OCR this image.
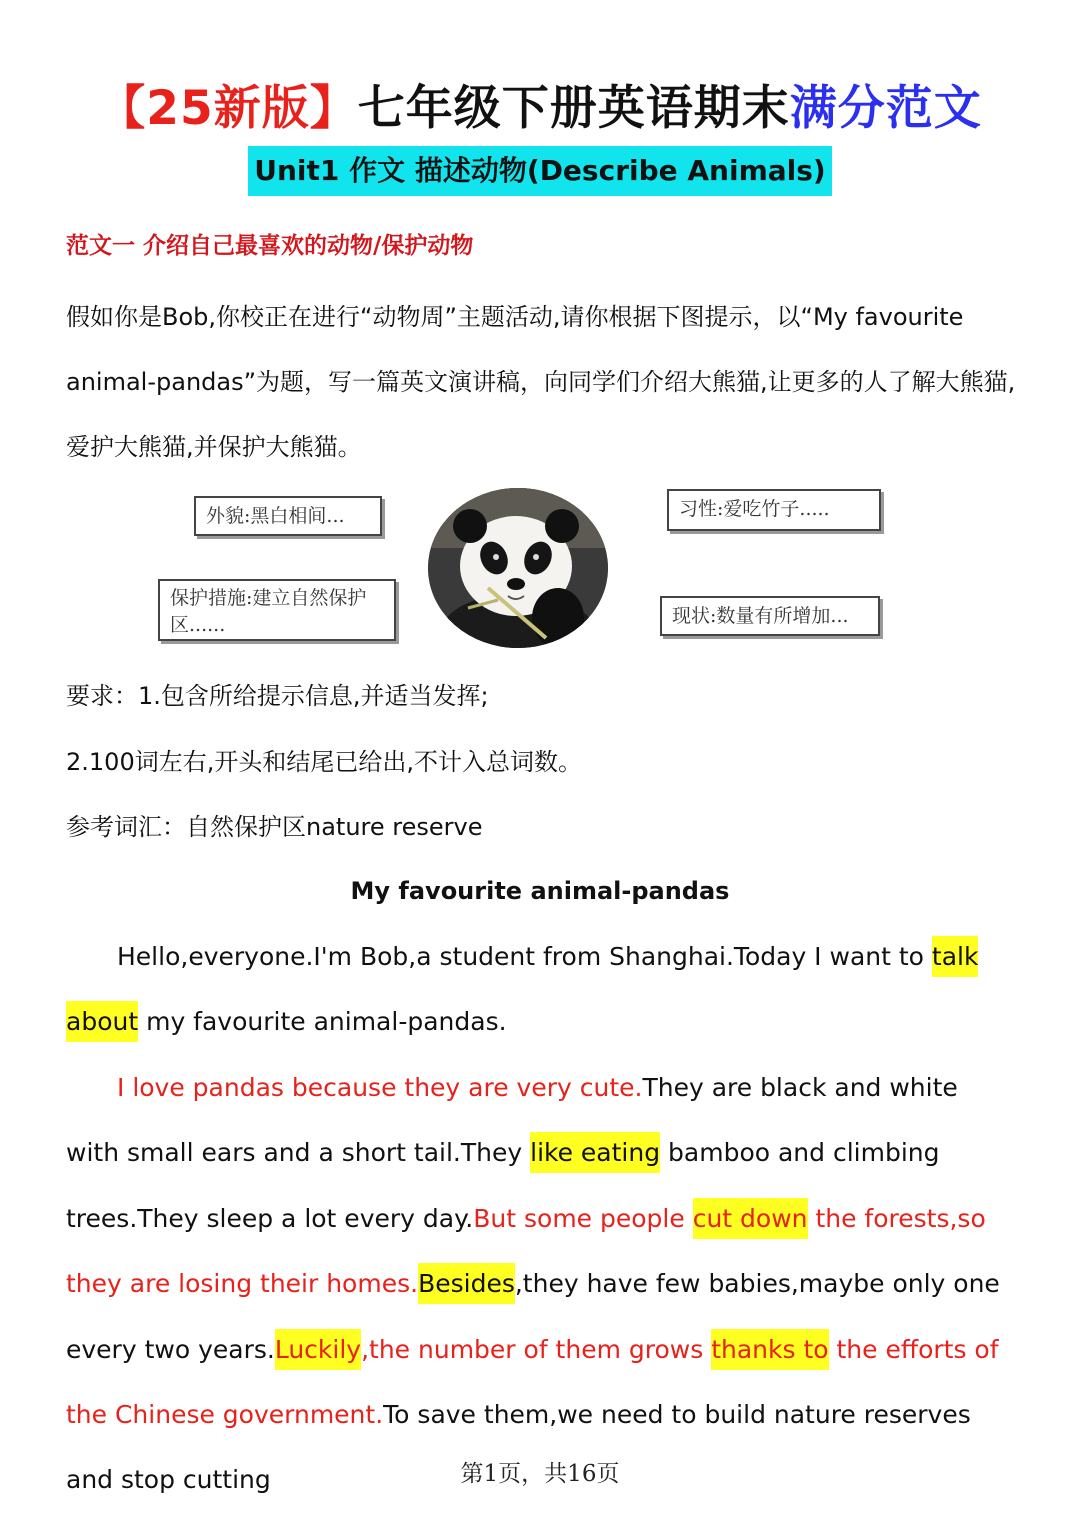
【25新版】七年级下册英语期末满分范文
Unit1 作文 描述动物(Describe Animals)
范文一 介绍自己最喜欢的动物/保护动物
假如你是Bob,你校正在进行“动物周”主题活动,请你根据下图提示，以“My favourite animal-pandas”为题，写一篇英文演讲稿，向同学们介绍大熊猫,让更多的人了解大熊猫,爱护大熊猫,并保护大熊猫。
外貌:黑白相间...	习性:爱吃竹子.....
保护措施:建立自然保护区......	现状:数量有所增加...
要求：1.包含所给提示信息,并适当发挥;
2.100词左右,开头和结尾已给出,不计入总词数。
参考词汇：自然保护区nature reserve
My favourite animal-pandas
Hello,everyone.I'm Bob,a student from Shanghai.Today I want to talk about my favourite animal-pandas.
I love pandas because they are very cute.They are black and white with small ears and a short tail.They like eating bamboo and climbing trees.They sleep a lot every day.But some people cut down the forests,so they are losing their homes.Besides,they have few babies,maybe only one every two years.Luckily,the number of them grows thanks to the efforts of the Chinese government.To save them,we need to build nature reserves and stop cutting	第1页，共16页
